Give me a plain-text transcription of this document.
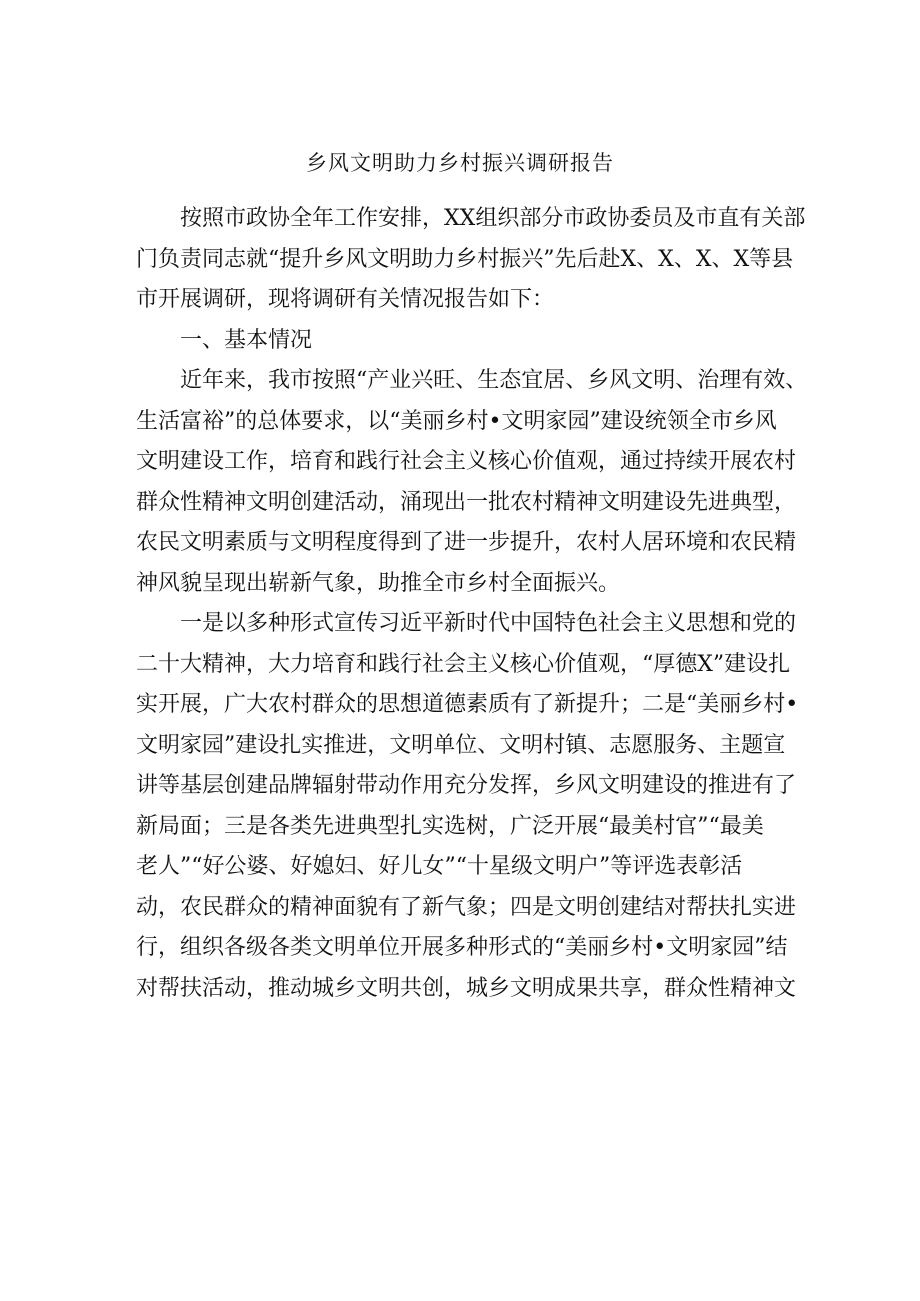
乡风文明助力乡村振兴调研报告
按照市政协全年工作安排，XX组织部分市政协委员及市直有关部
门负责同志就“提升乡风文明助力乡村振兴”先后赴X、X、X、X等县
市开展调研，现将调研有关情况报告如下：
一、基本情况
近年来，我市按照“产业兴旺、生态宜居、乡风文明、治理有效、
生活富裕”的总体要求，以“美丽乡村•文明家园”建设统领全市乡风
文明建设工作，培育和践行社会主义核心价值观，通过持续开展农村
群众性精神文明创建活动，涌现出一批农村精神文明建设先进典型，
农民文明素质与文明程度得到了进一步提升，农村人居环境和农民精
神风貌呈现出崭新气象，助推全市乡村全面振兴。
一是以多种形式宣传习近平新时代中国特色社会主义思想和党的
二十大精神，大力培育和践行社会主义核心价值观，“厚德X”建设扎
实开展，广大农村群众的思想道德素质有了新提升；二是“美丽乡村•
文明家园”建设扎实推进，文明单位、文明村镇、志愿服务、主题宣
讲等基层创建品牌辐射带动作用充分发挥，乡风文明建设的推进有了
新局面；三是各类先进典型扎实选树，广泛开展“最美村官”“最美
老人”“好公婆、好媳妇、好儿女”“十星级文明户”等评选表彰活
动，农民群众的精神面貌有了新气象；四是文明创建结对帮扶扎实进
行，组织各级各类文明单位开展多种形式的“美丽乡村•文明家园”结
对帮扶活动，推动城乡文明共创，城乡文明成果共享，群众性精神文
